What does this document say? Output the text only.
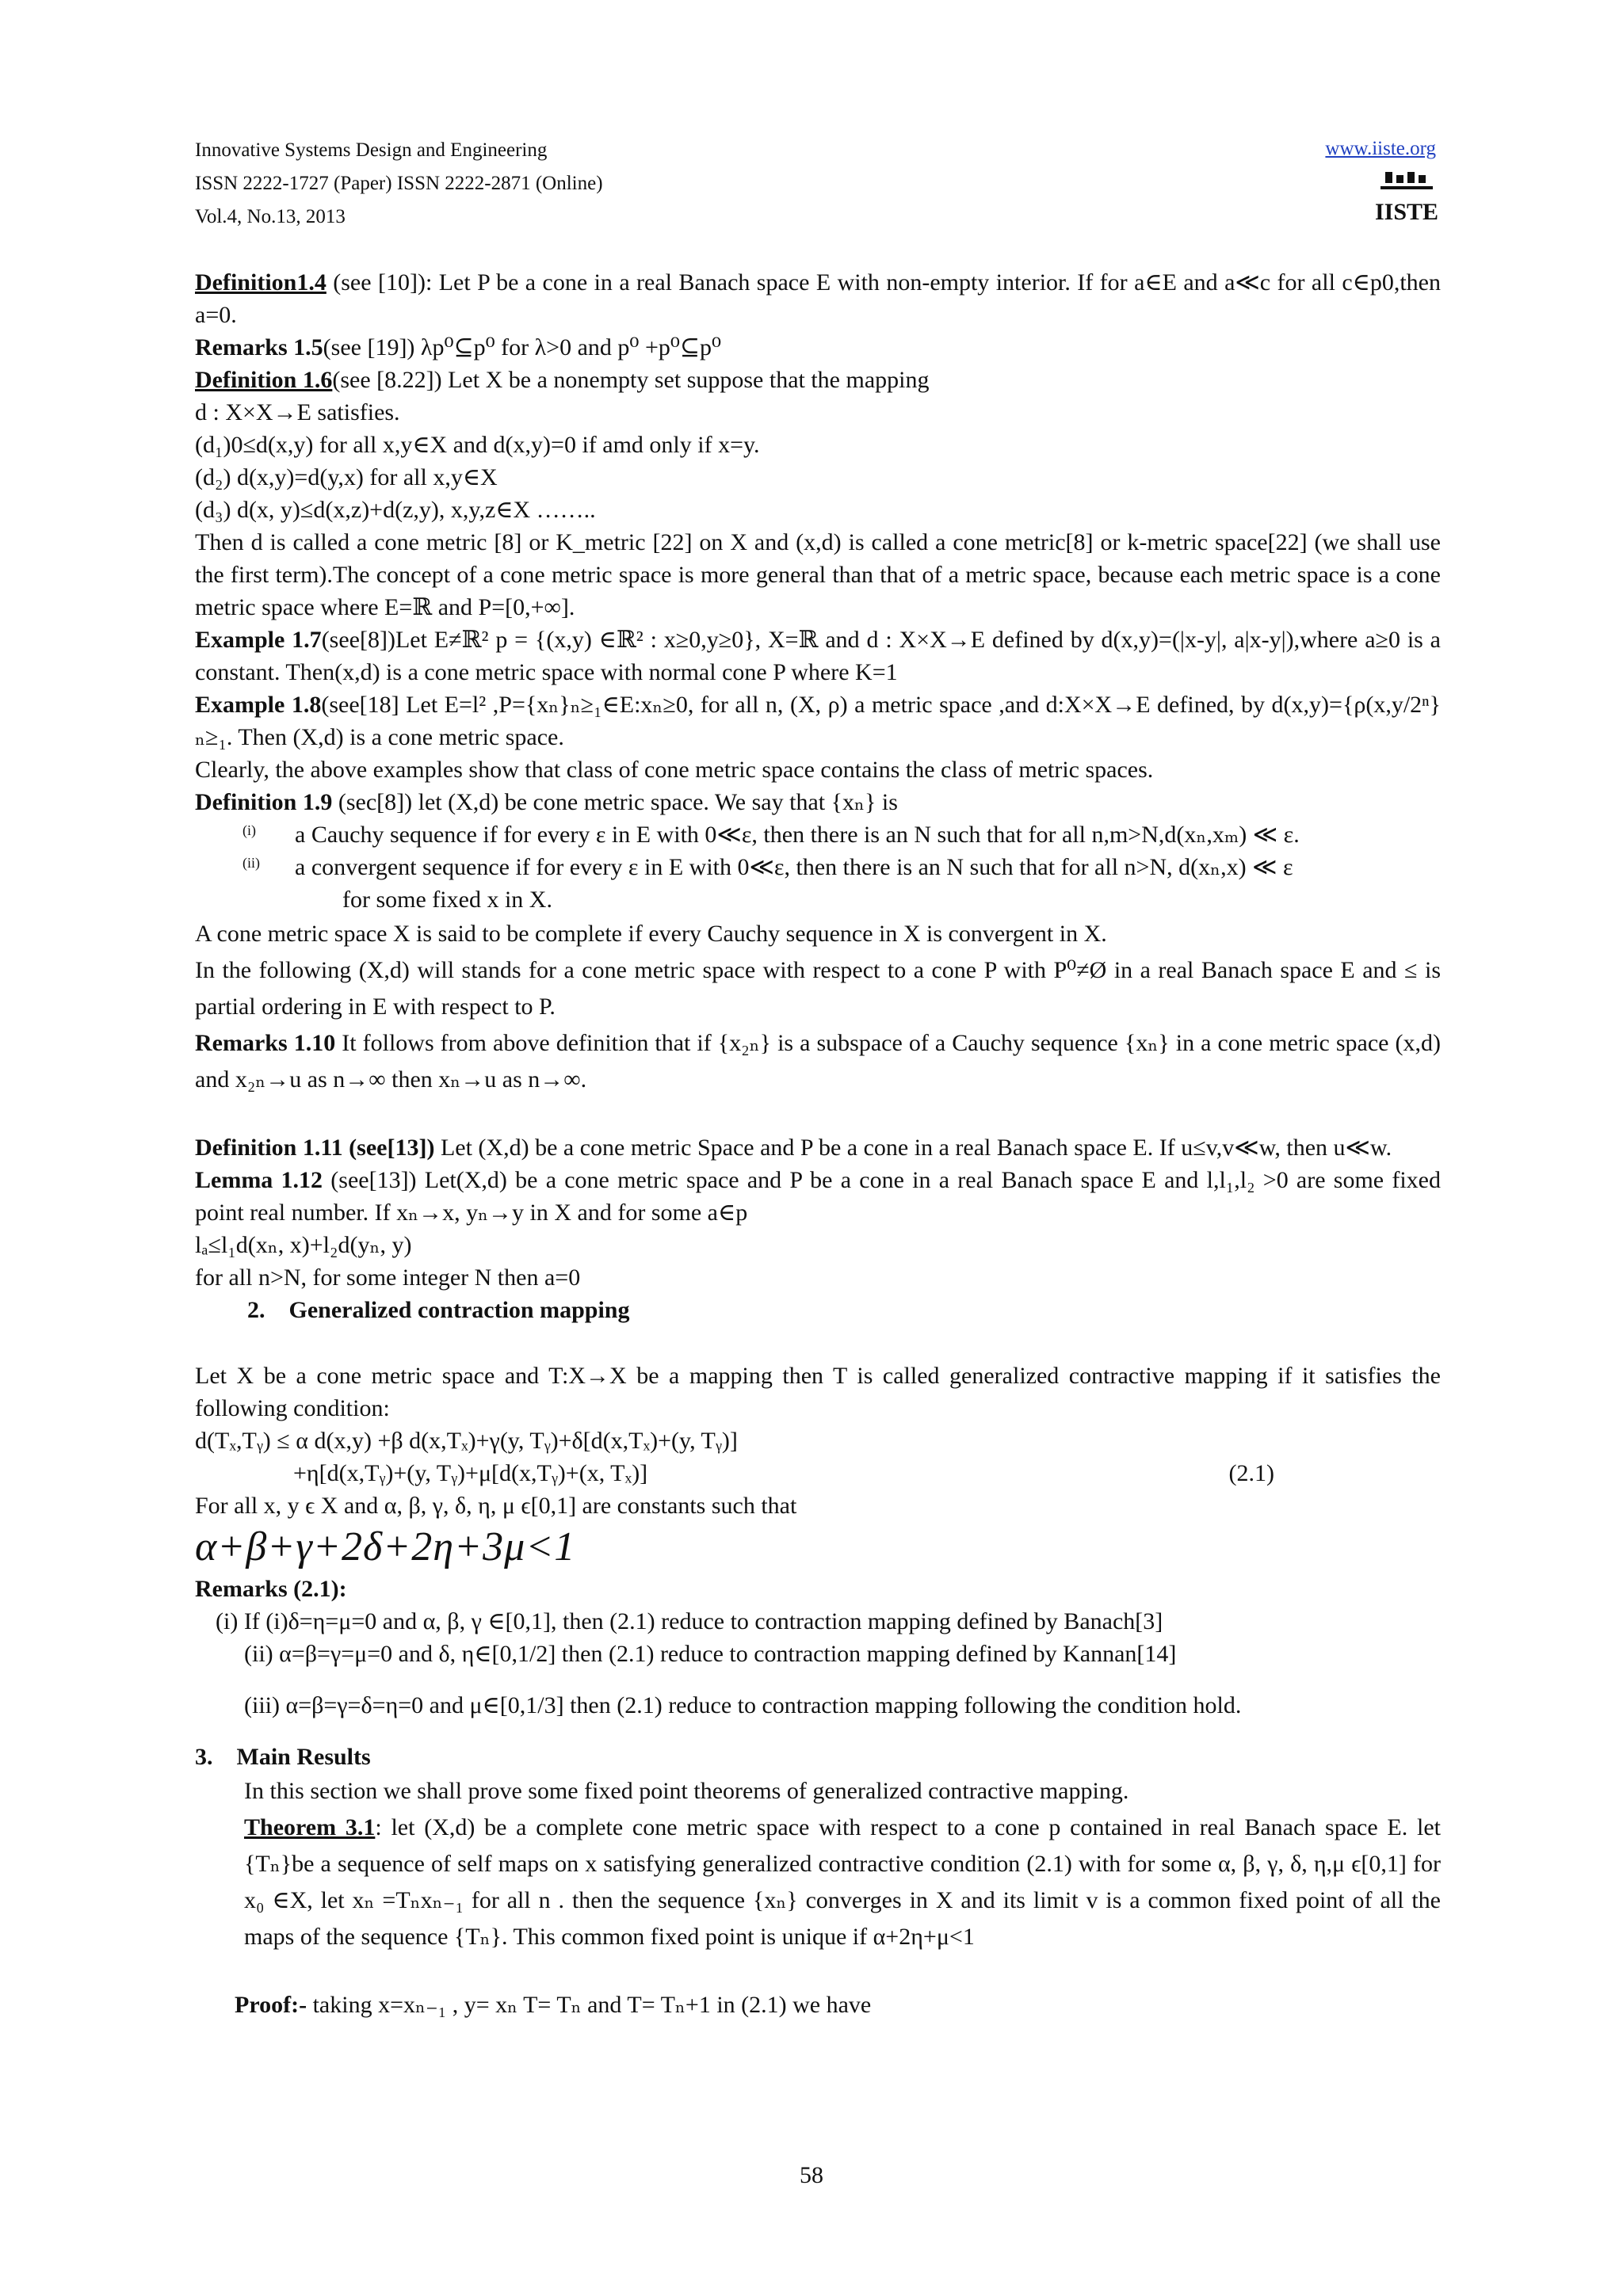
Innovative Systems Design and Engineering
ISSN 2222-1727 (Paper) ISSN 2222-2871 (Online)
Vol.4, No.13, 2013
www.iiste.org
IISTE

Definition1.4 (see [10]): Let P be a cone in a real Banach space E with non-empty interior. If for a∈E and a≪c for all c∈p0,then a=0.

Remarks 1.5(see [19]) λp⁰⊆p⁰ for λ>0 and p⁰ +p⁰⊆p⁰

Definition 1.6(see [8.22]) Let X be a nonempty set suppose that the mapping

d : X×X→E satisfies.

(d₁)0≤d(x,y) for all x,y∈X and d(x,y)=0 if amd only if x=y.

(d₂) d(x,y)=d(y,x) for all x,y∈X

(d₃) d(x, y)≤d(x,z)+d(z,y), x,y,z∈X ……..

Then d is called a cone metric [8] or K_metric [22] on X and (x,d) is called a cone metric[8] or k-metric space[22] (we shall use the first term).The concept of a cone metric space is more general than that of a metric space, because each metric space is a cone metric space where E=ℝ and P=[0,+∞].

Example 1.7(see[8])Let E≠ℝ² p = {(x,y) ∈ℝ² : x≥0,y≥0}, X=ℝ and d : X×X→E defined by d(x,y)=(|x-y|, a|x-y|),where a≥0 is a constant. Then(x,d) is a cone metric space with normal cone P where K=1

Example 1.8(see[18] Let E=l² ,P={xₙ}ₙ≥₁∈E:xₙ≥0, for all n, (X, ρ) a metric space ,and d:X×X→E defined, by d(x,y)={ρ(x,y/2ⁿ}ₙ≥₁. Then (X,d) is a cone metric space.

Clearly, the above examples show that class of cone metric space contains the class of metric spaces.

Definition 1.9 (sec[8]) let (X,d) be cone metric space. We say that {xₙ} is

(i)	a Cauchy sequence if for every ε in E with 0≪ε, then there is an N such that for all n,m>N,d(xₙ,xₘ) ≪ ε.
(ii)	a convergent sequence if for every ε in E with 0≪ε, then there is an N such that for all n>N, d(xₙ,x) ≪ ε

for some fixed x in X.

A cone metric space X is said to be complete if every Cauchy sequence in X is convergent in X.

In the following (X,d) will stands for a cone metric space with respect to a cone P with P⁰≠Ø in a real Banach space E and ≤ is partial ordering in E with respect to P.

Remarks 1.10 It follows from above definition that if {x₂ₙ} is a subspace of a Cauchy sequence {xₙ} in a cone metric space (x,d) and x₂ₙ→u as n→∞ then xₙ→u as n→∞.

Definition 1.11 (see[13]) Let (X,d) be a cone metric Space and P be a cone in a real Banach space E. If u≤v,v≪w, then u≪w.

Lemma 1.12 (see[13]) Let(X,d) be a cone metric space and P be a cone in a real Banach space E and l,l₁,l₂ >0 are some fixed point real number. If xₙ→x, yₙ→y in X and for some a∈p

lₐ≤l₁d(xₙ, x)+l₂d(yₙ, y)

for all n>N, for some integer N then a=0

2.    Generalized contraction mapping

Let X be a cone metric space and T:X→X be a mapping then T is called generalized contractive mapping if it satisfies the following condition:

d(Tₓ,Tᵧ) ≤ α d(x,y) +β d(x,Tₓ)+γ(y, Tᵧ)+δ[d(x,Tₓ)+(y, Tᵧ)]

+η[d(x,Tᵧ)+(y, Tᵧ)+μ[d(x,Tᵧ)+(x, Tₓ)]	(2.1)

For all x, y ϵ X and α, β, γ, δ, η, μ ϵ[0,1] are constants such that

α+β+γ+2δ+2η+3μ<1

Remarks (2.1):

(i) If (i)δ=η=μ=0 and α, β, γ ∈[0,1], then (2.1) reduce to contraction mapping defined by Banach[3]

(ii) α=β=γ=μ=0 and δ, η∈[0,1/2] then (2.1) reduce to contraction mapping defined by Kannan[14]

(iii) α=β=γ=δ=η=0 and μ∈[0,1/3] then (2.1) reduce to contraction mapping following the condition hold.

3.    Main Results

In this section we shall prove some fixed point theorems of generalized contractive mapping.

Theorem 3.1: let (X,d) be a complete cone metric space with respect to a cone p contained in real Banach space E. let {Tₙ}be a sequence of self maps on x satisfying generalized contractive condition (2.1) with for some α, β, γ, δ, η,μ ϵ[0,1] for x₀ ∈X, let xₙ =Tₙxₙ₋₁ for all n . then the sequence {xₙ} converges in X and its limit v is a common fixed point of all the maps of the sequence {Tₙ}. This common fixed point is unique if α+2η+μ<1

Proof:- taking x=xₙ₋₁ , y= xₙ T= Tₙ and T= Tₙ+1 in (2.1) we have

58
